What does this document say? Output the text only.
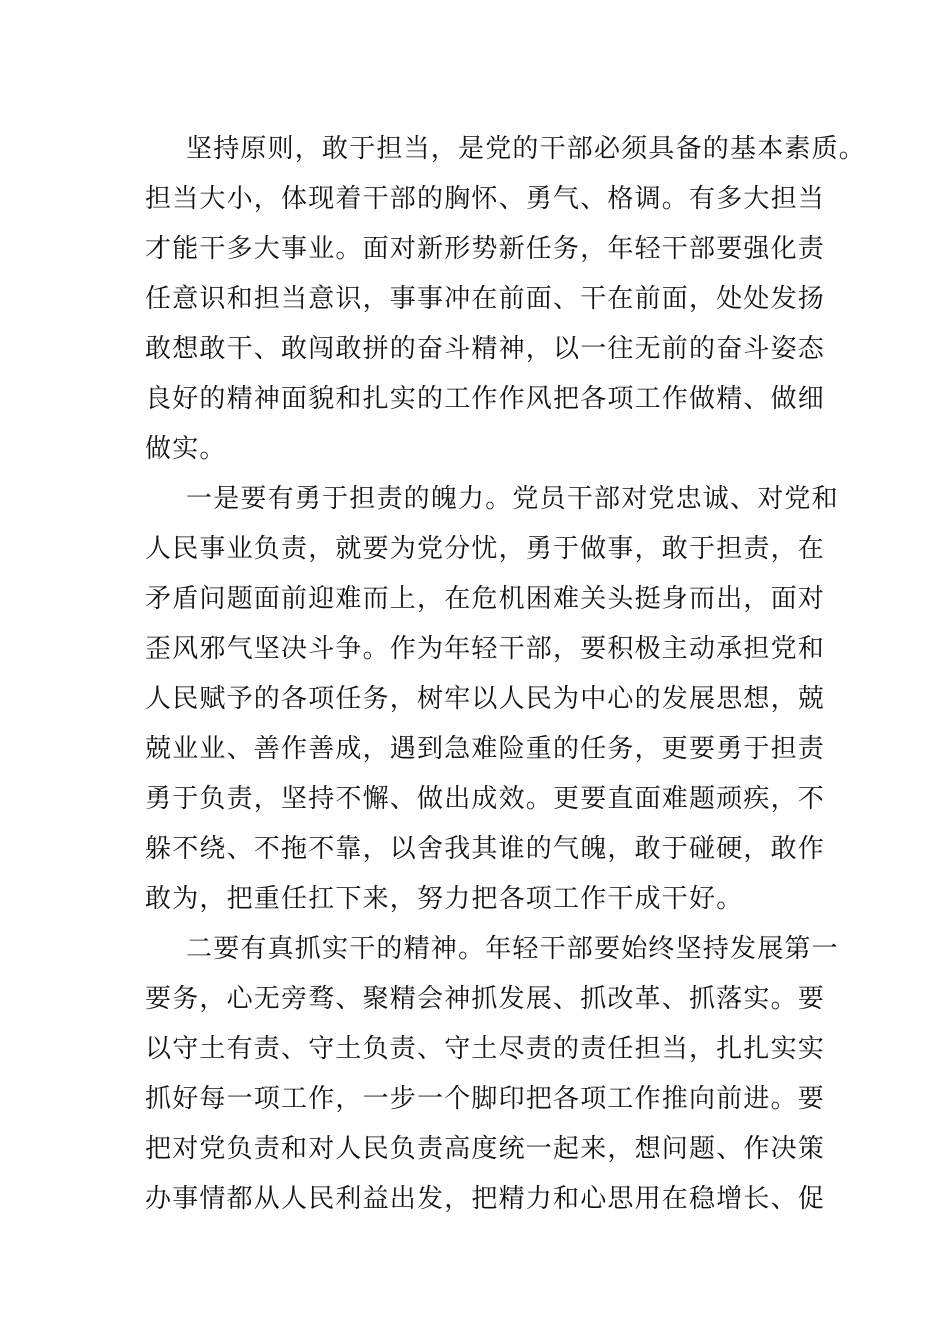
坚持原则，敢于担当，是党的干部必须具备的基本素质。
担当大小，体现着干部的胸怀、勇气、格调。有多大担当
才能干多大事业。面对新形势新任务，年轻干部要强化责
任意识和担当意识，事事冲在前面、干在前面，处处发扬
敢想敢干、敢闯敢拼的奋斗精神，以一往无前的奋斗姿态
良好的精神面貌和扎实的工作作风把各项工作做精、做细
做实。
一是要有勇于担责的魄力。党员干部对党忠诚、对党和
人民事业负责，就要为党分忧，勇于做事，敢于担责，在
矛盾问题面前迎难而上，在危机困难关头挺身而出，面对
歪风邪气坚决斗争。作为年轻干部，要积极主动承担党和
人民赋予的各项任务，树牢以人民为中心的发展思想，兢
兢业业、善作善成，遇到急难险重的任务，更要勇于担责
勇于负责，坚持不懈、做出成效。更要直面难题顽疾，不
躲不绕、不拖不靠，以舍我其谁的气魄，敢于碰硬，敢作
敢为，把重任扛下来，努力把各项工作干成干好。
二要有真抓实干的精神。年轻干部要始终坚持发展第一
要务，心无旁骛、聚精会神抓发展、抓改革、抓落实。要
以守土有责、守土负责、守土尽责的责任担当，扎扎实实
抓好每一项工作，一步一个脚印把各项工作推向前进。要
把对党负责和对人民负责高度统一起来，想问题、作决策
办事情都从人民利益出发，把精力和心思用在稳增长、促
